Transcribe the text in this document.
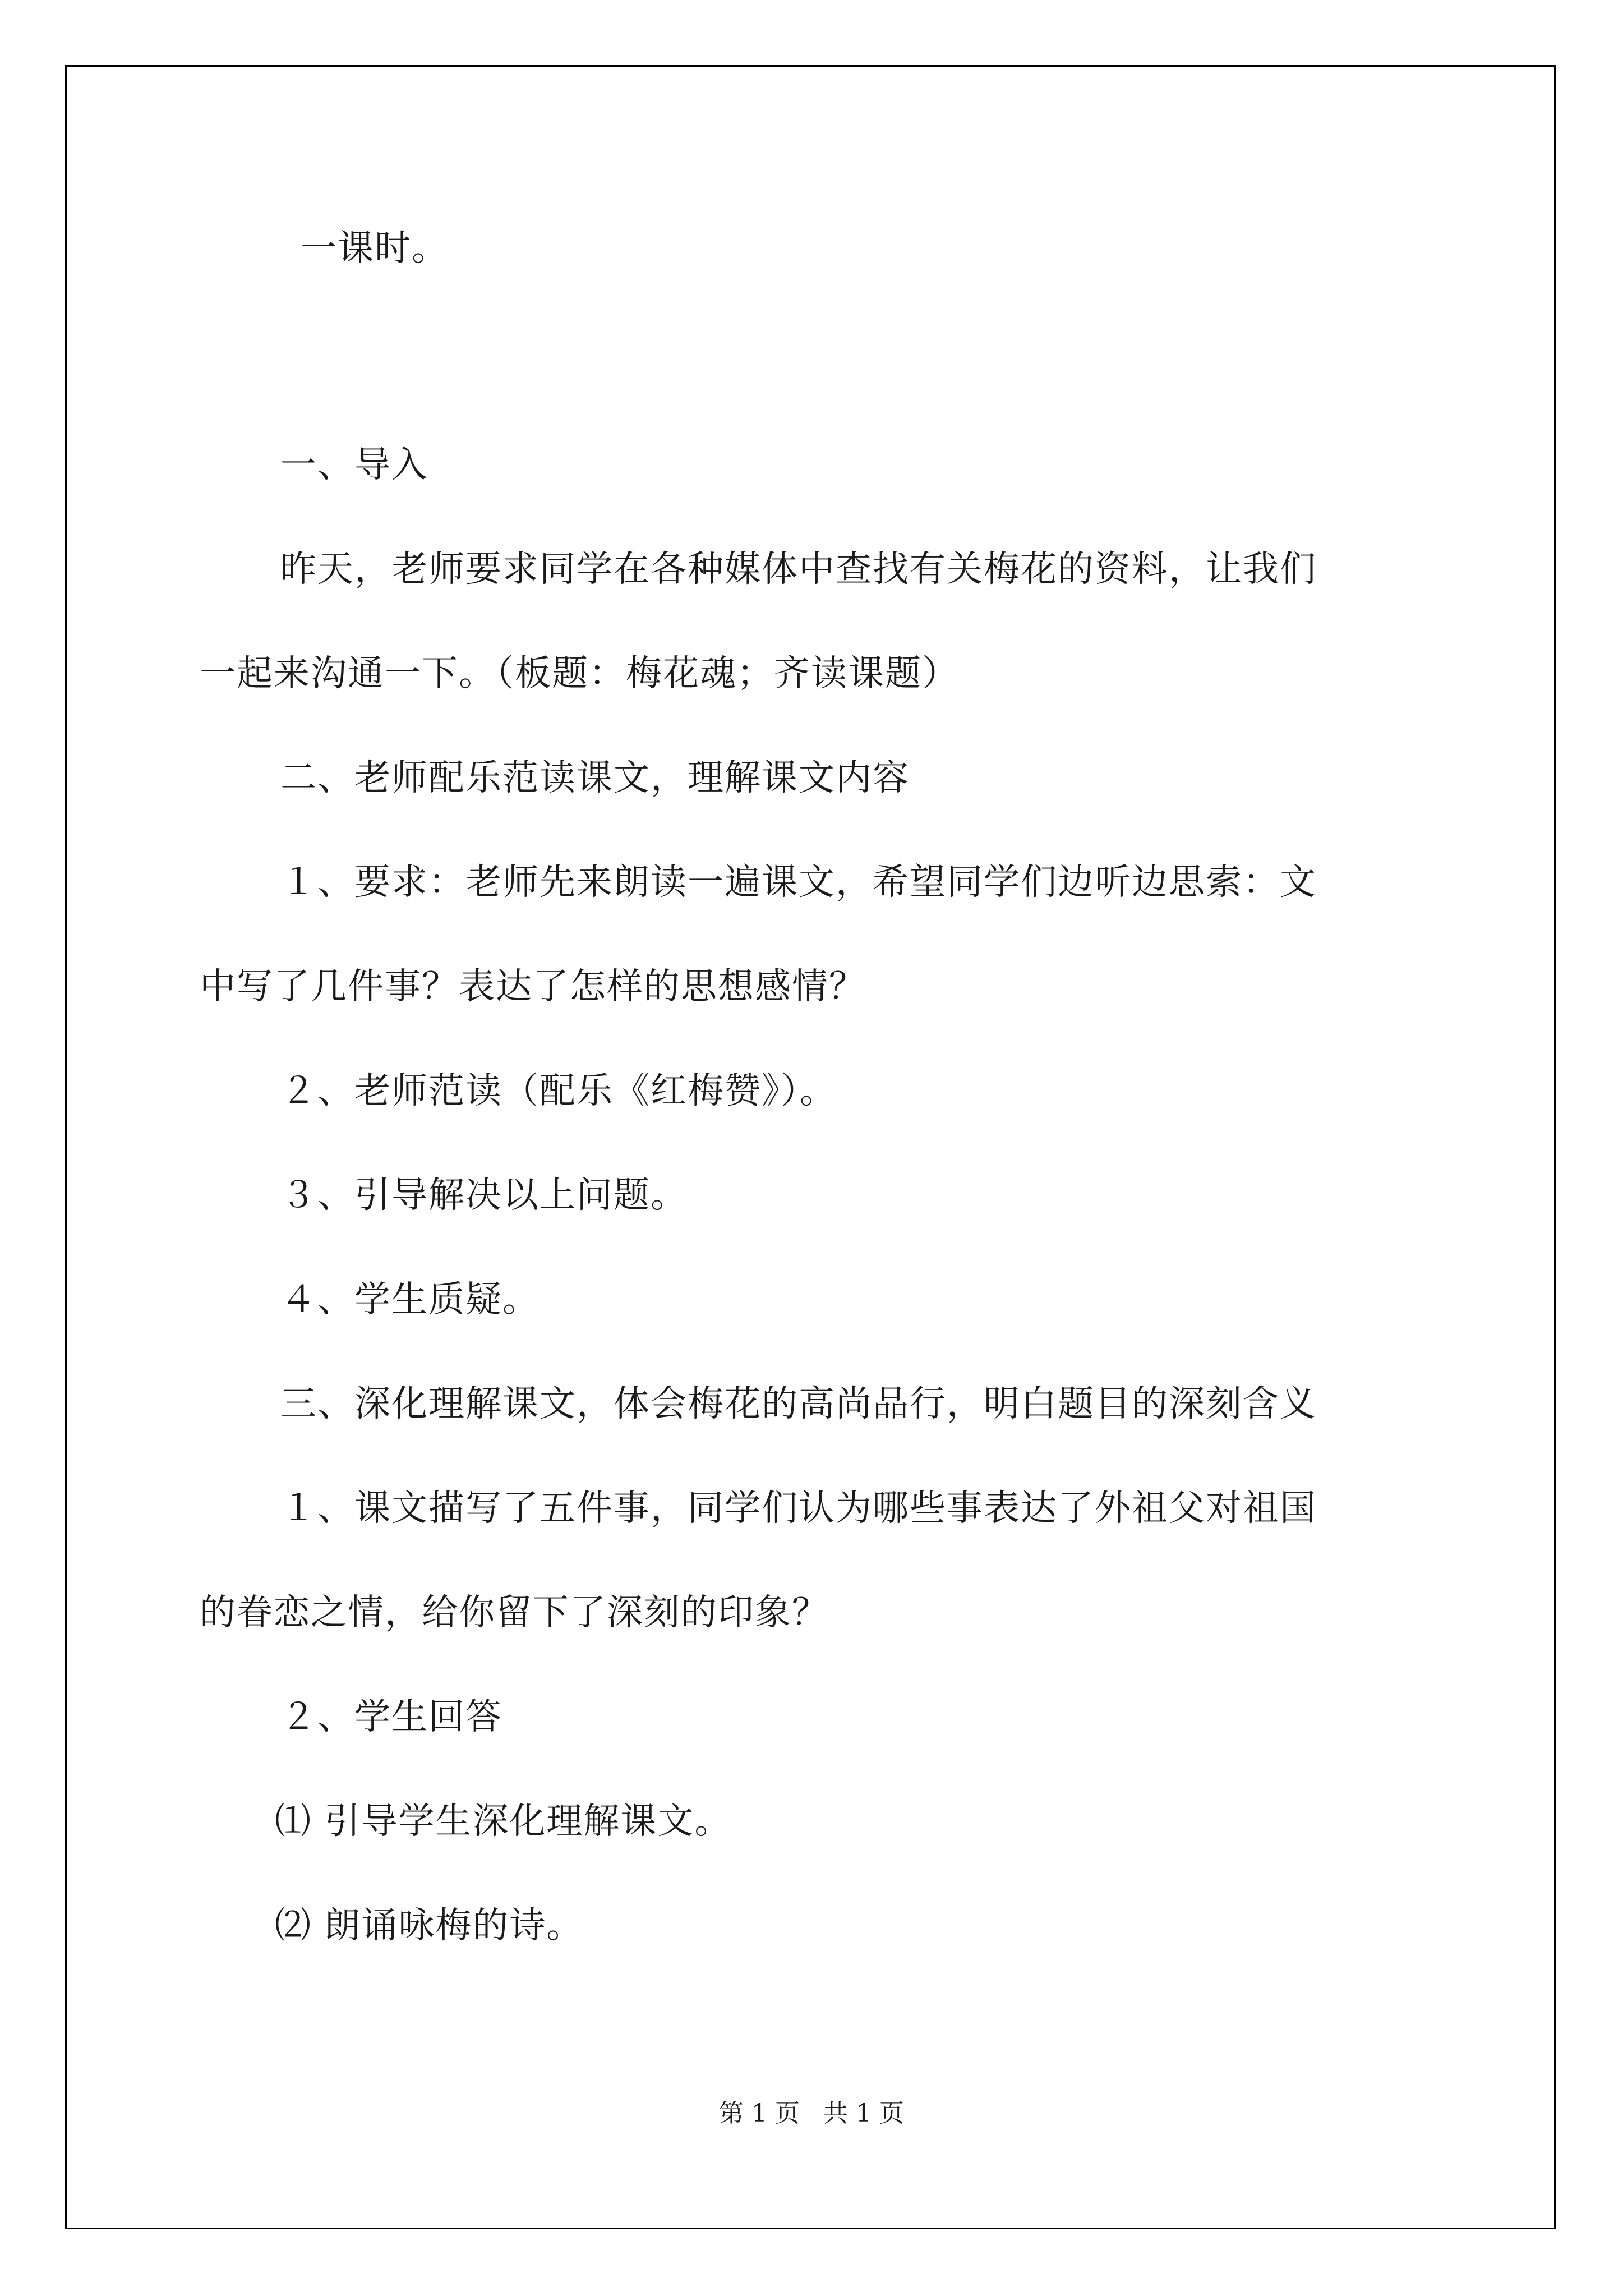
一课时。
一、导入
昨天，老师要求同学在各种媒体中查找有关梅花的资料，让我们
一起来沟通一下。（板题：梅花魂；齐读课题）
二、老师配乐范读课文，理解课文内容
１、要求：老师先来朗读一遍课文，希望同学们边听边思索：文
中写了几件事？表达了怎样的思想感情？
２、老师范读（配乐《红梅赞》）。
３、引导解决以上问题。
４、学生质疑。
三、深化理解课文，体会梅花的高尚品行，明白题目的深刻含义
１、课文描写了五件事，同学们认为哪些事表达了外祖父对祖国
的眷恋之情，给你留下了深刻的印象？
２、学生回答
⑴ 引导学生深化理解课文。
⑵ 朗诵咏梅的诗。
第 1 页 共 1 页
